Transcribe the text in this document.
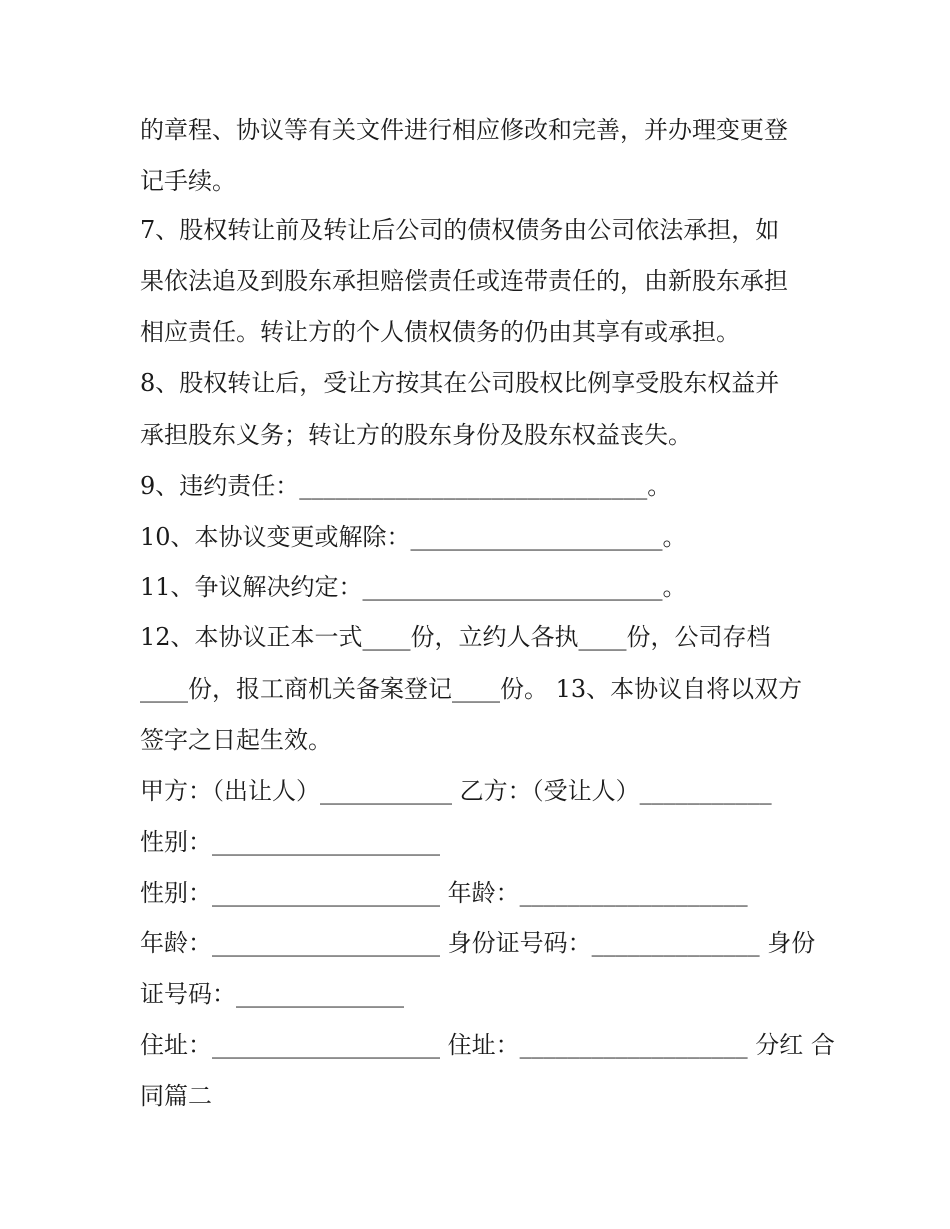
的章程、协议等有关文件进行相应修改和完善，并办理变更登
记手续。
7、股权转让前及转让后公司的债权债务由公司依法承担，如
果依法追及到股东承担赔偿责任或连带责任的，由新股东承担
相应责任。转让方的个人债权债务的仍由其享有或承担。
8、股权转让后，受让方按其在公司股权比例享受股东权益并
承担股东义务；转让方的股东身份及股东权益丧失。
9、违约责任：_____________________________。
10、本协议变更或解除：_____________________。
11、争议解决约定：_________________________。
12、本协议正本一式____份，立约人各执____份，公司存档
____份，报工商机关备案登记____份。 13、本协议自将以双方
签字之日起生效。
甲方：（出让人）___________ 乙方：（受让人）___________
性别：___________________
性别：___________________ 年龄：___________________
年龄：___________________ 身份证号码：______________ 身份
证号码：______________
住址：___________________ 住址：___________________ 分红 合
同篇二
